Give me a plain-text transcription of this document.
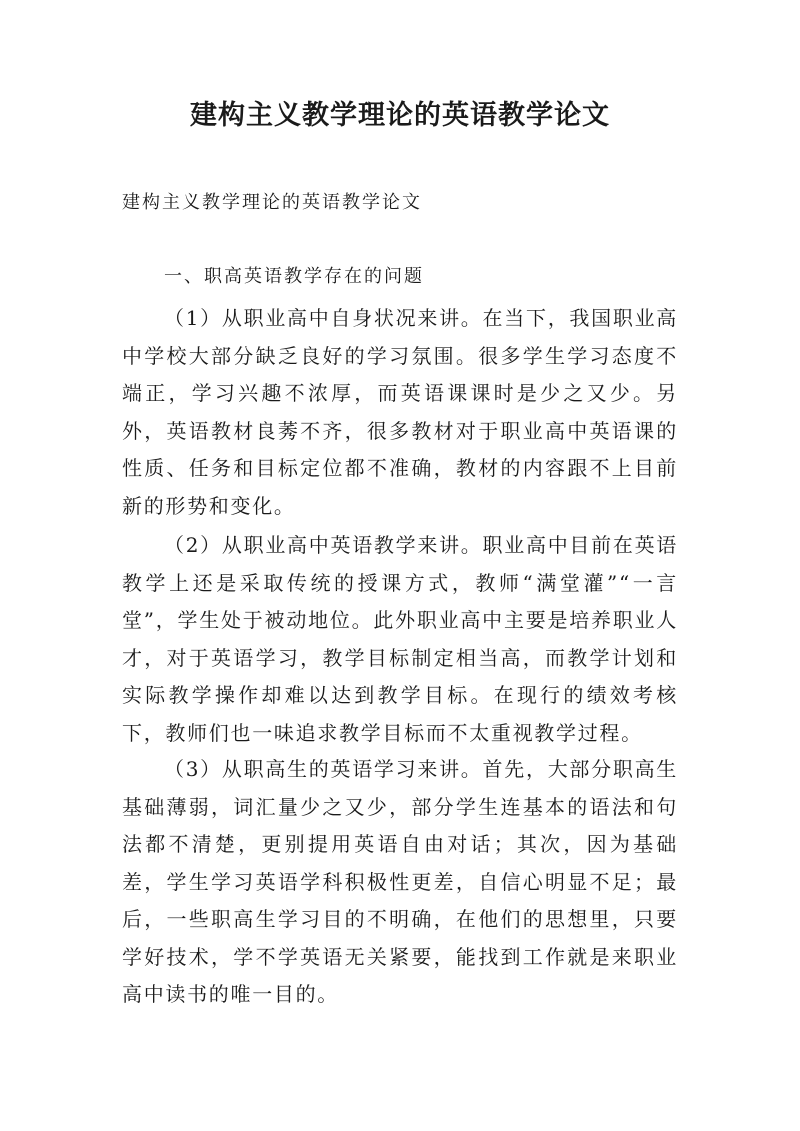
建构主义教学理论的英语教学论文

建构主义教学理论的英语教学论文

一、职高英语教学存在的问题

（1）从职业高中自身状况来讲。在当下，我国职业高中学校大部分缺乏良好的学习氛围。很多学生学习态度不端正，学习兴趣不浓厚，而英语课课时是少之又少。另外，英语教材良莠不齐，很多教材对于职业高中英语课的性质、任务和目标定位都不准确，教材的内容跟不上目前新的形势和变化。

（2）从职业高中英语教学来讲。职业高中目前在英语教学上还是采取传统的授课方式，教师“满堂灌”“一言堂”，学生处于被动地位。此外职业高中主要是培养职业人才，对于英语学习，教学目标制定相当高，而教学计划和实际教学操作却难以达到教学目标。在现行的绩效考核下，教师们也一味追求教学目标而不太重视教学过程。

（3）从职高生的英语学习来讲。首先，大部分职高生基础薄弱，词汇量少之又少，部分学生连基本的语法和句法都不清楚，更别提用英语自由对话；其次，因为基础差，学生学习英语学科积极性更差，自信心明显不足；最后，一些职高生学习目的不明确，在他们的思想里，只要学好技术，学不学英语无关紧要，能找到工作就是来职业高中读书的唯一目的。
